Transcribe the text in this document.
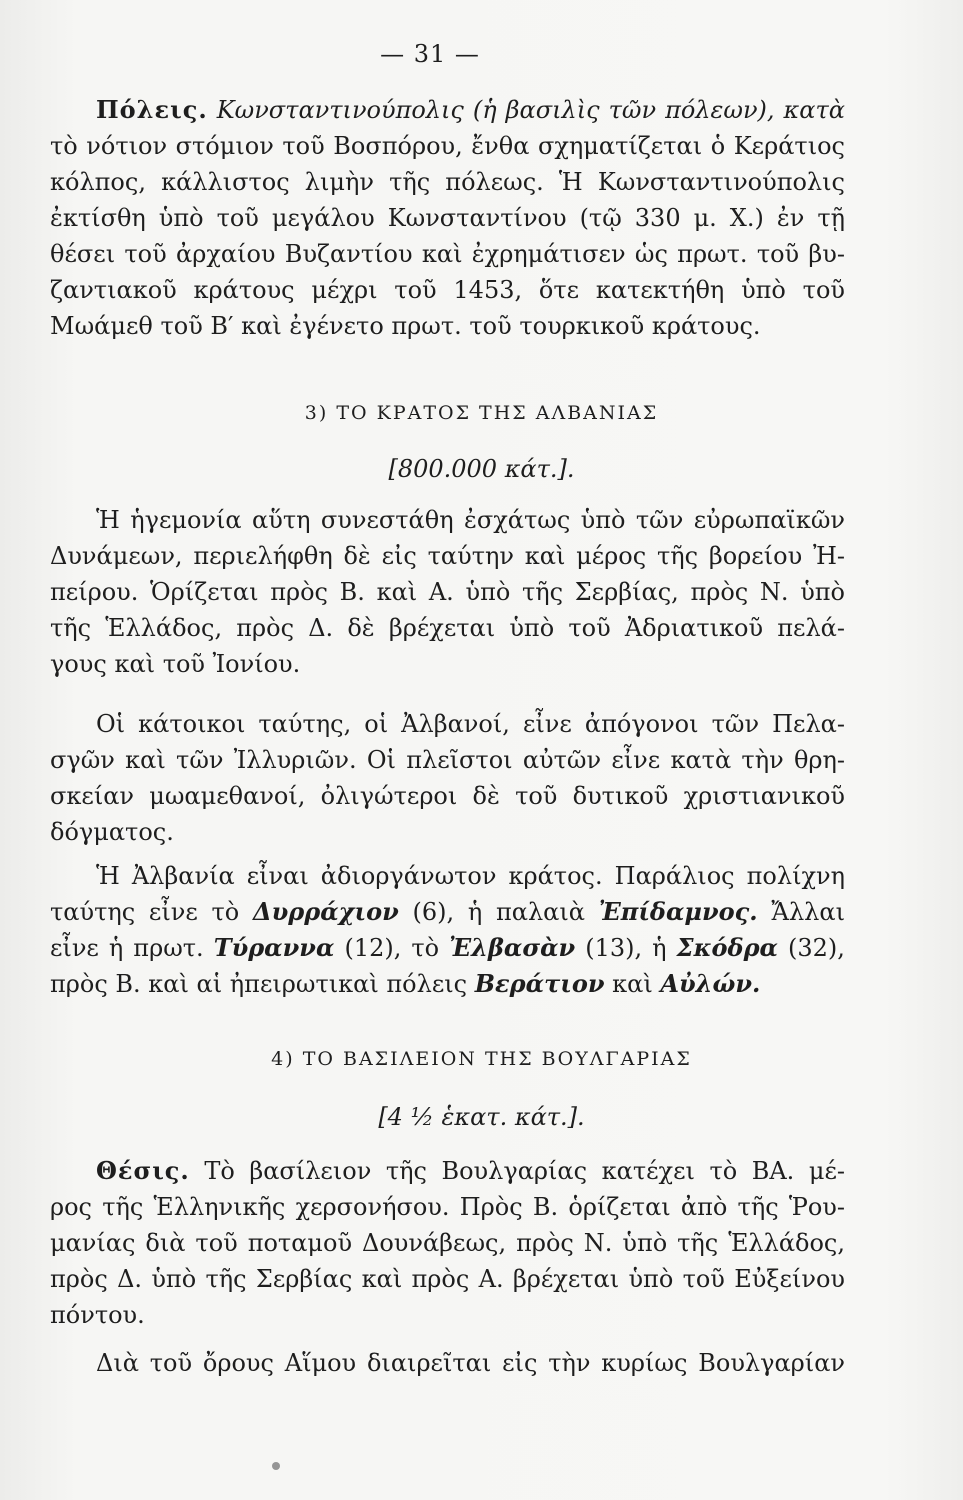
— 31 —
Πόλεις. Κωνσταντινούπολις (ἡ βασιλὶς τῶν πόλεων), κατὰ
τὸ νότιον στόμιον τοῦ Βοσπόρου, ἔνθα σχηματίζεται ὁ Κεράτιος
κόλπος, κάλλιστος λιμὴν τῆς πόλεως. Ἡ Κωνσταντινούπολις
ἐκτίσθη ὑπὸ τοῦ μεγάλου Κωνσταντίνου (τῷ 330 μ. Χ.) ἐν τῇ
θέσει τοῦ ἀρχαίου Βυζαντίου καὶ ἐχρημάτισεν ὡς πρωτ. τοῦ βυ-
ζαντιακοῦ κράτους μέχρι τοῦ 1453, ὅτε κατεκτήθη ὑπὸ τοῦ
Μωάμεθ τοῦ Β′ καὶ ἐγένετο πρωτ. τοῦ τουρκικοῦ κράτους.
3) ΤΟ ΚΡΑΤΟΣ ΤΗΣ ΑΛΒΑΝΙΑΣ
[800.000 κάτ.].
Ἡ ἡγεμονία αὕτη συνεστάθη ἐσχάτως ὑπὸ τῶν εὐρωπαϊκῶν
Δυνάμεων, περιελήφθη δὲ εἰς ταύτην καὶ μέρος τῆς βορείου Ἠ-
πείρου. Ὁρίζεται πρὸς Β. καὶ Α. ὑπὸ τῆς Σερβίας, πρὸς Ν. ὑπὸ
τῆς Ἑλλάδος, πρὸς Δ. δὲ βρέχεται ὑπὸ τοῦ Ἀδριατικοῦ πελά-
γους καὶ τοῦ Ἰονίου.
Οἱ κάτοικοι ταύτης, οἱ Ἀλβανοί, εἶνε ἀπόγονοι τῶν Πελα-
σγῶν καὶ τῶν Ἰλλυριῶν. Οἱ πλεῖστοι αὐτῶν εἶνε κατὰ τὴν θρη-
σκείαν μωαμεθανοί, ὀλιγώτεροι δὲ τοῦ δυτικοῦ χριστιανικοῦ
δόγματος.
Ἡ Ἀλβανία εἶναι ἀδιοργάνωτον κράτος. Παράλιος πολίχνη
ταύτης εἶνε τὸ Δυρράχιον (6), ἡ παλαιὰ Ἐπίδαμνος. Ἄλλαι
εἶνε ἡ πρωτ. Τύραννα (12), τὸ Ἐλβασὰν (13), ἡ Σκόδρα (32),
πρὸς Β. καὶ αἱ ἠπειρωτικαὶ πόλεις Βεράτιον καὶ Αὐλών.
4) ΤΟ ΒΑΣΙΛΕΙΟΝ ΤΗΣ ΒΟΥΛΓΑΡΙΑΣ
[4 ½ ἑκατ. κάτ.].
Θέσις. Τὸ βασίλειον τῆς Βουλγαρίας κατέχει τὸ ΒΑ. μέ-
ρος τῆς Ἑλληνικῆς χερσονήσου. Πρὸς Β. ὁρίζεται ἀπὸ τῆς Ῥου-
μανίας διὰ τοῦ ποταμοῦ Δουνάβεως, πρὸς Ν. ὑπὸ τῆς Ἑλλάδος,
πρὸς Δ. ὑπὸ τῆς Σερβίας καὶ πρὸς Α. βρέχεται ὑπὸ τοῦ Εὐξείνου
πόντου.
Διὰ τοῦ ὄρους Αἵμου διαιρεῖται εἰς τὴν κυρίως Βουλγαρίαν
